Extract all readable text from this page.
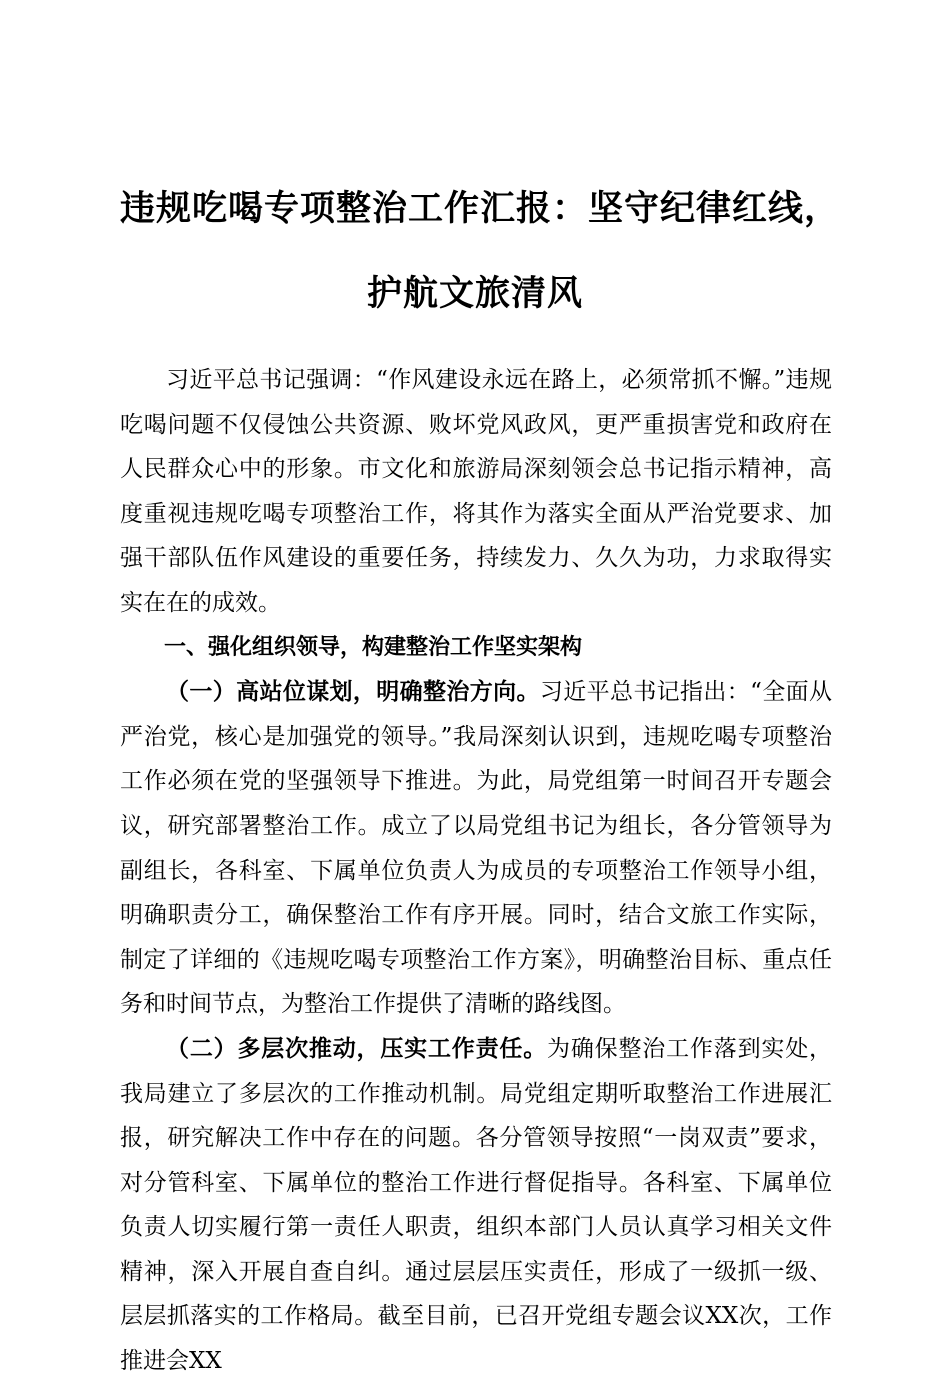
违规吃喝专项整治工作汇报：坚守纪律红线，
护航文旅清风

习近平总书记强调：“作风建设永远在路上，必须常抓不懈。”违规吃喝问题不仅侵蚀公共资源、败坏党风政风，更严重损害党和政府在人民群众心中的形象。市文化和旅游局深刻领会总书记指示精神，高度重视违规吃喝专项整治工作，将其作为落实全面从严治党要求、加强干部队伍作风建设的重要任务，持续发力、久久为功，力求取得实实在在的成效。

一、强化组织领导，构建整治工作坚实架构

（一）高站位谋划，明确整治方向。习近平总书记指出：“全面从严治党，核心是加强党的领导。”我局深刻认识到，违规吃喝专项整治工作必须在党的坚强领导下推进。为此，局党组第一时间召开专题会议，研究部署整治工作。成立了以局党组书记为组长，各分管领导为副组长，各科室、下属单位负责人为成员的专项整治工作领导小组，明确职责分工，确保整治工作有序开展。同时，结合文旅工作实际，制定了详细的《违规吃喝专项整治工作方案》，明确整治目标、重点任务和时间节点，为整治工作提供了清晰的路线图。

（二）多层次推动，压实工作责任。为确保整治工作落到实处，我局建立了多层次的工作推动机制。局党组定期听取整治工作进展汇报，研究解决工作中存在的问题。各分管领导按照“一岗双责”要求，对分管科室、下属单位的整治工作进行督促指导。各科室、下属单位负责人切实履行第一责任人职责，组织本部门人员认真学习相关文件精神，深入开展自查自纠。通过层层压实责任，形成了一级抓一级、层层抓落实的工作格局。截至目前，已召开党组专题会议XX次，工作推进会XX
